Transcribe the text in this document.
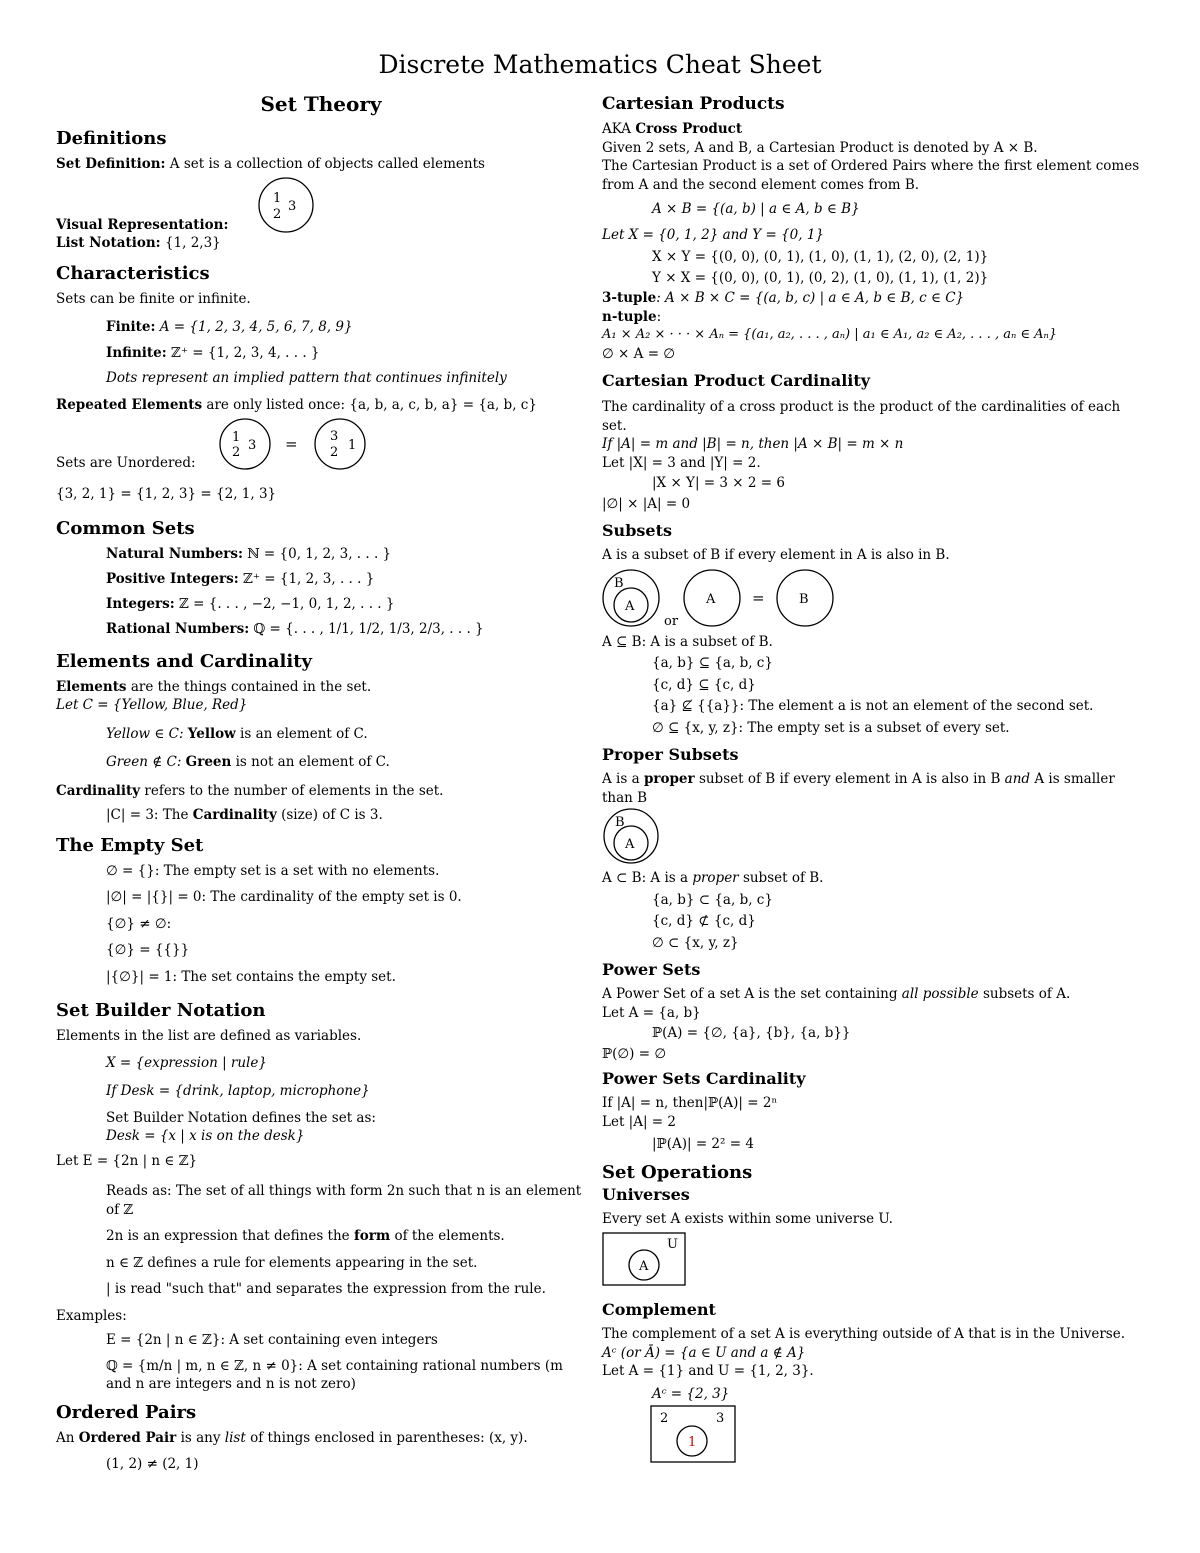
Discrete Mathematics Cheat Sheet
Set Theory
Definitions
Set Definition: A set is a collection of objects called elements
1
2
3
Visual Representation:
List Notation: {1, 2,3}
Characteristics
Sets can be finite or infinite.
Finite: A = {1, 2, 3, 4, 5, 6, 7, 8, 9}
Infinite: ℤ⁺ = {1, 2, 3, 4, . . . }
Dots represent an implied pattern that continues infinitely
Repeated Elements are only listed once: {a, b, a, c, b, a} = {a, b, c}
1
2 3 = 3
2 1
Sets are Unordered:
{3, 2, 1} = {1, 2, 3} = {2, 1, 3}
Common Sets
Natural Numbers: ℕ = {0, 1, 2, 3, . . . }
Positive Integers: ℤ⁺ = {1, 2, 3, . . . }
Integers: ℤ = {. . . , −2, −1, 0, 1, 2, . . . }
Rational Numbers: ℚ = {. . . , 1/1, 1/2, 1/3, 2/3, . . . }
Elements and Cardinality
Elements are the things contained in the set.
Let C = {Yellow, Blue, Red}
Yellow ∈ C: Yellow is an element of C.
Green ∉ C: Green is not an element of C.
Cardinality refers to the number of elements in the set.
|C| = 3: The Cardinality (size) of C is 3.
The Empty Set
∅ = {}: The empty set is a set with no elements.
|∅| = |{}| = 0: The cardinality of the empty set is 0.
{∅} ≠ ∅:
{∅} = {{}}
|{∅}| = 1: The set contains the empty set.
Set Builder Notation
Elements in the list are defined as variables.
X = {expression | rule}
If Desk = {drink, laptop, microphone}
Set Builder Notation defines the set as:
Desk = {x | x is on the desk}
Let E = {2n | n ∈ ℤ}
Reads as: The set of all things with form 2n such that n is an element of ℤ
2n is an expression that defines the form of the elements.
n ∈ ℤ defines a rule for elements appearing in the set.
| is read "such that" and separates the expression from the rule.
Examples:
E = {2n | n ∈ ℤ}: A set containing even integers
ℚ = {m/n | m, n ∈ ℤ, n ≠ 0}: A set containing rational numbers (m and n are integers and n is not zero)
Ordered Pairs
An Ordered Pair is any list of things enclosed in parentheses: (x, y).
(1, 2) ≠ (2, 1)
Cartesian Products
AKA Cross Product
Given 2 sets, A and B, a Cartesian Product is denoted by A × B.
The Cartesian Product is a set of Ordered Pairs where the first element comes from A and the second element comes from B.
A × B = {(a, b) | a ∈ A, b ∈ B}
Let X = {0, 1, 2} and Y = {0, 1}
X × Y = {(0, 0), (0, 1), (1, 0), (1, 1), (2, 0), (2, 1)}
Y × X = {(0, 0), (0, 1), (0, 2), (1, 0), (1, 1), (1, 2)}
3-tuple: A × B × C = {(a, b, c) | a ∈ A, b ∈ B, c ∈ C}
n-tuple:
A₁ × A₂ × · · · × Aₙ = {(a₁, a₂, . . . , aₙ) | a₁ ∈ A₁, a₂ ∈ A₂, . . . , aₙ ∈ Aₙ}
∅ × A = ∅
Cartesian Product Cardinality
The cardinality of a cross product is the product of the cardinalities of each set.
If |A| = m and |B| = n, then |A × B| = m × n
Let |X| = 3 and |Y| = 2.
|X × Y| = 3 × 2 = 6
|∅| × |A| = 0
Subsets
A is a subset of B if every element in A is also in B.
B
A
or
A =	B
A ⊆ B: A is a subset of B.
{a, b} ⊆ {a, b, c}
{c, d} ⊆ {c, d}
{a} ⊈ {{a}}: The element a is not an element of the second set.
∅ ⊆ {x, y, z}: The empty set is a subset of every set.
Proper Subsets
A is a proper subset of B if every element in A is also in B and A is smaller than B
B
A
A ⊂ B: A is a proper subset of B.
{a, b} ⊂ {a, b, c}
{c, d} ⊄ {c, d}
∅ ⊂ {x, y, z}
Power Sets
A Power Set of a set A is the set containing all possible subsets of A.
Let A = {a, b}
ℙ(A) = {∅, {a}, {b}, {a, b}}
ℙ(∅) = ∅
Power Sets Cardinality
If |A| = n, then|ℙ(A)| = 2ⁿ
Let |A| = 2
|ℙ(A)| = 2² = 4
Set Operations
Universes
Every set A exists within some universe U.
U
A
Complement
The complement of a set A is everything outside of A that is in the Universe.
Aᶜ (or Ā) = {a ∈ U and a ∉ A}
Let A = {1} and U = {1, 2, 3}.
Aᶜ = {2, 3}
2	3
1
